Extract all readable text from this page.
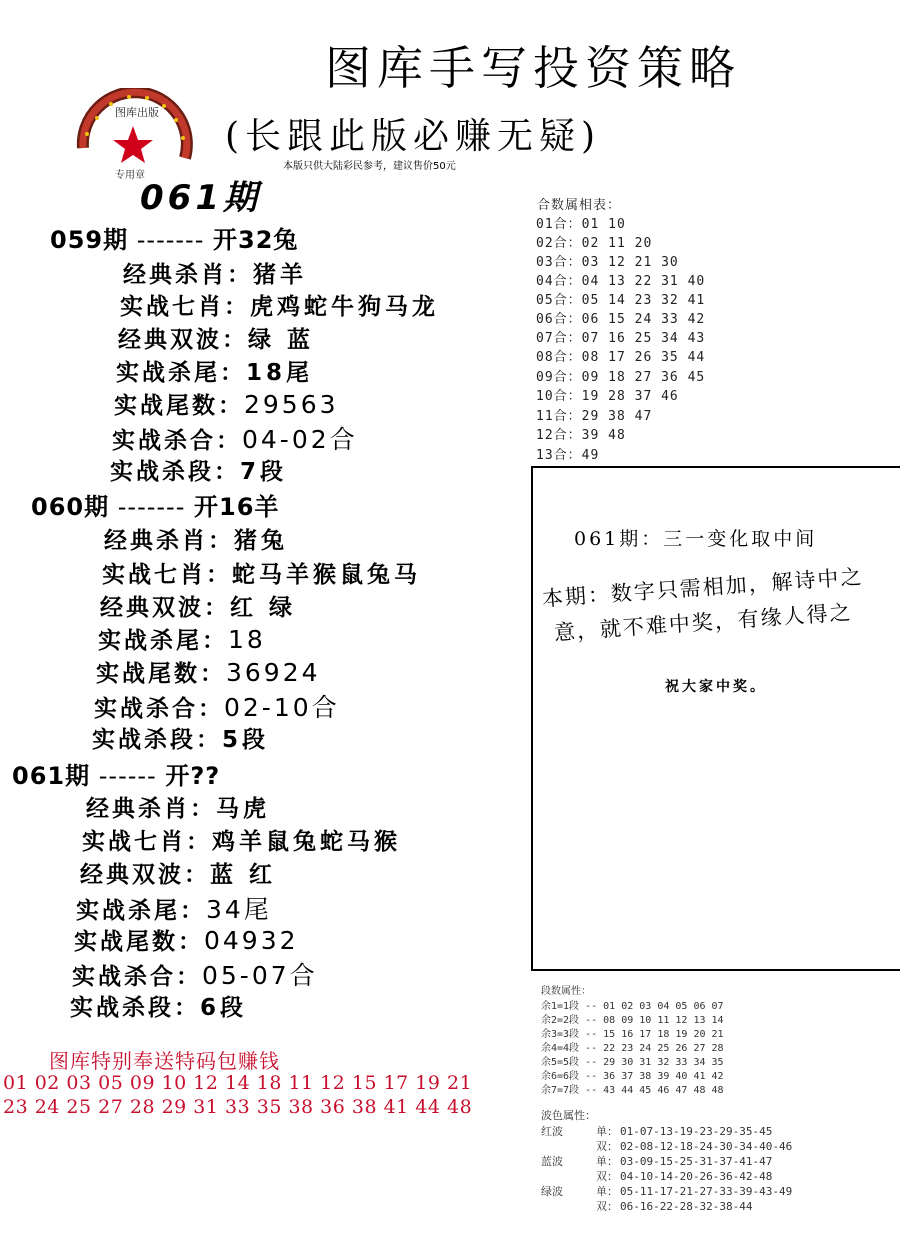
图库手写投资策略
(长跟此版必赚无疑)
本版只供大陆彩民参考，建议售价50元
图库出版
专用章
061期
059期 ------- 开32兔
经典杀肖：猪羊
实战七肖：虎鸡蛇牛狗马龙
经典双波：绿 蓝
实战杀尾：18尾
实战尾数：29563
实战杀合：04-02合
实战杀段：7段
060期 ------- 开16羊
经典杀肖：猪兔
实战七肖：蛇马羊猴鼠兔马
经典双波：红 绿
实战杀尾：18
实战尾数：36924
实战杀合：02-10合
实战杀段：5段
061期 ------ 开??
经典杀肖：马虎
实战七肖：鸡羊鼠兔蛇马猴
经典双波：蓝 红
实战杀尾：34尾
实战尾数：04932
实战杀合：05-07合
实战杀段：6段
合数属相表：
01合：01 10
02合：02 11 20
03合：03 12 21 30
04合：04 13 22 31 40
05合：05 14 23 32 41
06合：06 15 24 33 42
07合：07 16 25 34 43
08合：08 17 26 35 44
09合：09 18 27 36 45
10合：19 28 37 46
11合：29 38 47
12合：39 48
13合：49
061期：三一变化取中间
本期：数字只需相加，解诗中之
意，就不难中奖，有缘人得之
祝大家中奖。
段数属性：
余1=1段 -- 01 02 03 04 05 06 07
余2=2段 -- 08 09 10 11 12 13 14
余3=3段 -- 15 16 17 18 19 20 21
余4=4段 -- 22 23 24 25 26 27 28
余5=5段 -- 29 30 31 32 33 34 35
余6=6段 -- 36 37 38 39 40 41 42
余7=7段 -- 43 44 45 46 47 48 48
波色属性：
红波	单： 01-07-13-19-23-29-35-45
双： 02-08-12-18-24-30-34-40-46
蓝波	单： 03-09-15-25-31-37-41-47
双： 04-10-14-20-26-36-42-48
绿波	单： 05-11-17-21-27-33-39-43-49
双： 06-16-22-28-32-38-44
图库特别奉送特码包赚钱
01 02 03 05 09 10 12 14 18 11 12 15 17 19 21
23 24 25 27 28 29 31 33 35 38 36 38 41 44 48
